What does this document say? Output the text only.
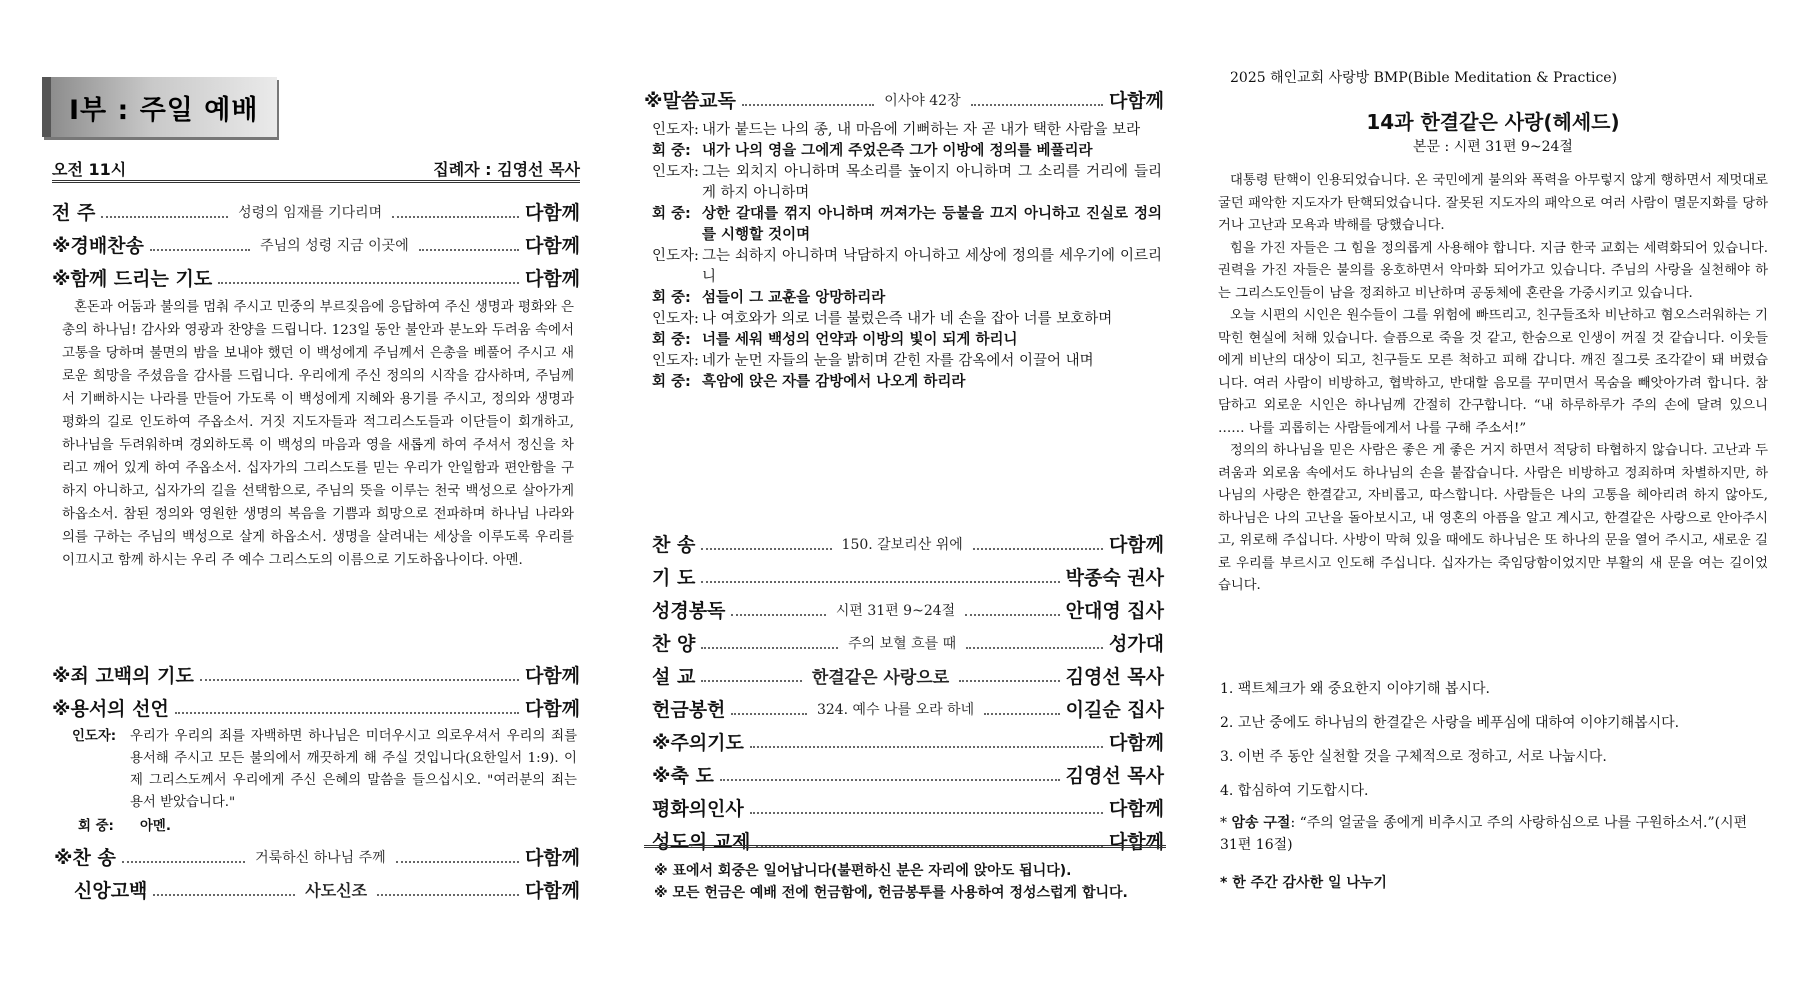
I부 : 주일 예배
오전 11시	집례자 : 김영선 목사
전 주	성령의 임재를 기다리며	다함께
※경배찬송	주님의 성령 지금 이곳에	다함께
※함께 드리는 기도	다함께
혼돈과 어둠과 불의를 멈춰 주시고 민중의 부르짖음에 응답하여 주신 생명과 평화와 은총의 하나님! 감사와 영광과 찬양을 드립니다. 123일 동안 불안과 분노와 두려움 속에서 고통을 당하며 불면의 밤을 보내야 했던 이 백성에게 주님께서 은총을 베풀어 주시고 새로운 희망을 주셨음을 감사를 드립니다. 우리에게 주신 정의의 시작을 감사하며, 주님께서 기뻐하시는 나라를 만들어 가도록 이 백성에게 지혜와 용기를 주시고, 정의와 생명과 평화의 길로 인도하여 주옵소서. 거짓 지도자들과 적그리스도들과 이단들이 회개하고, 하나님을 두려워하며 경외하도록 이 백성의 마음과 영을 새롭게 하여 주셔서 정신을 차리고 깨어 있게 하여 주옵소서. 십자가의 그리스도를 믿는 우리가 안일함과 편안함을 구하지 아니하고, 십자가의 길을 선택함으로, 주님의 뜻을 이루는 천국 백성으로 살아가게 하옵소서. 참된 정의와 영원한 생명의 복음을 기쁨과 희망으로 전파하며 하나님 나라와 의를 구하는 주님의 백성으로 살게 하옵소서. 생명을 살려내는 세상을 이루도록 우리를 이끄시고 함께 하시는 우리 주 예수 그리스도의 이름으로 기도하옵나이다. 아멘.
※죄 고백의 기도	다함께
※용서의 선언	다함께
인도자:	우리가 우리의 죄를 자백하면 하나님은 미더우시고 의로우셔서 우리의 죄를 용서해 주시고 모든 불의에서 깨끗하게 해 주실 것입니다(요한일서 1:9). 이제 그리스도께서 우리에게 주신 은혜의 말씀을 들으십시오. "여러분의 죄는 용서 받았습니다."
회 중:	아멘.
※찬 송	거룩하신 하나님 주께	다함께
신앙고백	사도신조	다함께
※말씀교독	이사야 42장	다함께
인도자: 내가 붙드는 나의 종, 내 마음에 기뻐하는 자 곧 내가 택한 사람을 보라
회 중: 내가 나의 영을 그에게 주었은즉 그가 이방에 정의를 베풀리라
인도자: 그는 외치지 아니하며 목소리를 높이지 아니하며 그 소리를 거리에 들리게 하지 아니하며
회 중: 상한 갈대를 꺾지 아니하며 꺼져가는 등불을 끄지 아니하고 진실로 정의를 시행할 것이며
인도자: 그는 쇠하지 아니하며 낙담하지 아니하고 세상에 정의를 세우기에 이르리니
회 중: 섬들이 그 교훈을 앙망하리라
인도자: 나 여호와가 의로 너를 불렀은즉 내가 네 손을 잡아 너를 보호하며
회 중: 너를 세워 백성의 언약과 이방의 빛이 되게 하리니
인도자: 네가 눈먼 자들의 눈을 밝히며 갇힌 자를 감옥에서 이끌어 내며
회 중: 흑암에 앉은 자를 감방에서 나오게 하리라
찬 송	150. 갈보리산 위에	다함께
기 도	박종숙 권사
성경봉독	시편 31편 9~24절	안대영 집사
찬 양	주의 보혈 흐를 때	성가대
설 교	한결같은 사랑으로	김영선 목사
헌금봉헌	324. 예수 나를 오라 하네	이길순 집사
※주의기도	다함께
※축 도	김영선 목사
평화의인사	다함께
성도의 교제	다함께
※ 표에서 회중은 일어납니다(불편하신 분은 자리에 앉아도 됩니다).
※ 모든 헌금은 예배 전에 헌금함에, 헌금봉투를 사용하여 정성스럽게 합니다.
2025 해인교회 사랑방 BMP(Bible Meditation & Practice)
14과 한결같은 사랑(헤세드)
본문 : 시편 31편 9~24절

대통령 탄핵이 인용되었습니다. 온 국민에게 불의와 폭력을 아무렇지 않게 행하면서 제멋대로 굴던 패악한 지도자가 탄핵되었습니다. 잘못된 지도자의 패악으로 여러 사람이 멸문지화를 당하거나 고난과 모욕과 박해를 당했습니다.

힘을 가진 자들은 그 힘을 정의롭게 사용해야 합니다. 지금 한국 교회는 세력화되어 있습니다. 권력을 가진 자들은 불의를 옹호하면서 악마화 되어가고 있습니다. 주님의 사랑을 실천해야 하는 그리스도인들이 남을 정죄하고 비난하며 공동체에 혼란을 가중시키고 있습니다.

오늘 시편의 시인은 원수들이 그를 위험에 빠뜨리고, 친구들조차 비난하고 혐오스러워하는 기막힌 현실에 처해 있습니다. 슬픔으로 죽을 것 같고, 한숨으로 인생이 꺼질 것 같습니다. 이웃들에게 비난의 대상이 되고, 친구들도 모른 척하고 피해 갑니다. 깨진 질그릇 조각같이 돼 버렸습니다. 여러 사람이 비방하고, 협박하고, 반대할 음모를 꾸미면서 목숨을 빼앗아가려 합니다. 참담하고 외로운 시인은 하나님께 간절히 간구합니다. “내 하루하루가 주의 손에 달려 있으니 …… 나를 괴롭히는 사람들에게서 나를 구해 주소서!”

정의의 하나님을 믿은 사람은 좋은 게 좋은 거지 하면서 적당히 타협하지 않습니다. 고난과 두려움과 외로움 속에서도 하나님의 손을 붙잡습니다. 사람은 비방하고 정죄하며 차별하지만, 하나님의 사랑은 한결같고, 자비롭고, 따스합니다. 사람들은 나의 고통을 헤아리려 하지 않아도, 하나님은 나의 고난을 돌아보시고, 내 영혼의 아픔을 알고 계시고, 한결같은 사랑으로 안아주시고, 위로해 주십니다. 사방이 막혀 있을 때에도 하나님은 또 하나의 문을 열어 주시고, 새로운 길로 우리를 부르시고 인도해 주십니다. 십자가는 죽임당함이었지만 부활의 새 문을 여는 길이었습니다.

1. 팩트체크가 왜 중요한지 이야기해 봅시다.
2. 고난 중에도 하나님의 한결같은 사랑을 베푸심에 대하여 이야기해봅시다.
3. 이번 주 동안 실천할 것을 구체적으로 정하고, 서로 나눕시다.
4. 합심하여 기도합시다.
* 암송 구절: “주의 얼굴을 종에게 비추시고 주의 사랑하심으로 나를 구원하소서.”(시편 31편 16절)
* 한 주간 감사한 일 나누기
